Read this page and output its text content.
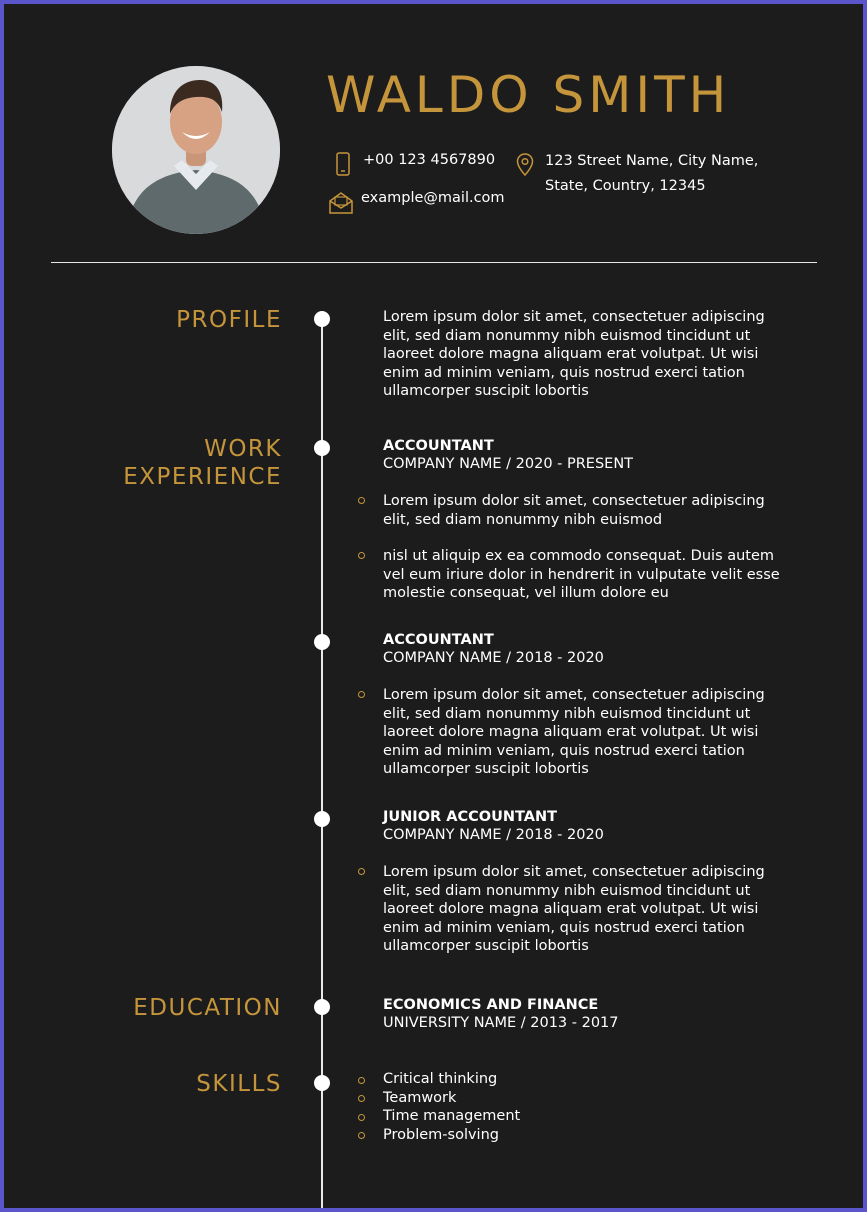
WALDO SMITH
+00 123 4567890	123 Street Name, City Name,
State, Country, 12345
example@mail.com
PROFILE
WORK
EXPERIENCE
EDUCATION
SKILLS
Lorem ipsum dolor sit amet, consectetuer adipiscing elit, sed diam nonummy nibh euismod tincidunt ut laoreet dolore magna aliquam erat volutpat. Ut wisi enim ad minim veniam, quis nostrud exerci tation ullamcorper suscipit lobortis
ACCOUNTANT
COMPANY NAME / 2020 - PRESENT
Lorem ipsum dolor sit amet, consectetuer adipiscing elit, sed diam nonummy nibh euismod
nisl ut aliquip ex ea commodo consequat. Duis autem vel eum iriure dolor in hendrerit in vulputate velit esse molestie consequat, vel illum dolore eu
ACCOUNTANT
COMPANY NAME / 2018 - 2020
Lorem ipsum dolor sit amet, consectetuer adipiscing elit, sed diam nonummy nibh euismod tincidunt ut laoreet dolore magna aliquam erat volutpat. Ut wisi enim ad minim veniam, quis nostrud exerci tation ullamcorper suscipit lobortis
JUNIOR ACCOUNTANT
COMPANY NAME / 2018 - 2020
Lorem ipsum dolor sit amet, consectetuer adipiscing elit, sed diam nonummy nibh euismod tincidunt ut laoreet dolore magna aliquam erat volutpat. Ut wisi enim ad minim veniam, quis nostrud exerci tation ullamcorper suscipit lobortis
ECONOMICS AND FINANCE
UNIVERSITY NAME / 2013 - 2017
Critical thinking
Teamwork
Time management
Problem-solving
